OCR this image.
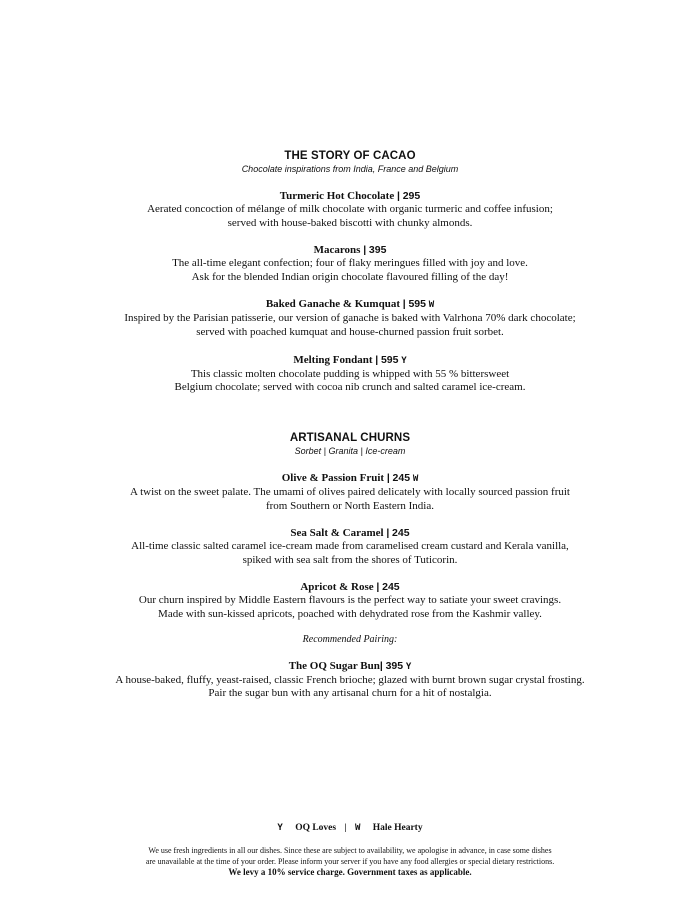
THE STORY OF CACAO
Chocolate inspirations from India, France and Belgium
Turmeric Hot Chocolate | 295
Aerated concoction of mélange of milk chocolate with organic turmeric and coffee infusion;
served with house-baked biscotti with chunky almonds.
Macarons | 395
The all-time elegant confection; four of flaky meringues filled with joy and love.
Ask for the blended Indian origin chocolate flavoured filling of the day!
Baked Ganache & Kumquat | 595 W
Inspired by the Parisian patisserie, our version of ganache is baked with Valrhona 70% dark chocolate;
served with poached kumquat and house-churned passion fruit sorbet.
Melting Fondant | 595 Y
This classic molten chocolate pudding is whipped with 55 % bittersweet
Belgium chocolate; served with cocoa nib crunch and salted caramel ice-cream.
ARTISANAL CHURNS
Sorbet | Granita | Ice-cream
Olive & Passion Fruit | 245 W
A twist on the sweet palate. The umami of olives paired delicately with locally sourced passion fruit
from Southern or North Eastern India.
Sea Salt & Caramel | 245
All-time classic salted caramel ice-cream made from caramelised cream custard and Kerala vanilla,
spiked with sea salt from the shores of Tuticorin.
Apricot & Rose | 245
Our churn inspired by Middle Eastern flavours is the perfect way to satiate your sweet cravings.
Made with sun-kissed apricots, poached with dehydrated rose from the Kashmir valley.
Recommended Pairing:
The OQ Sugar Bun| 395 Y
A house-baked, fluffy, yeast-raised, classic French brioche; glazed with burnt brown sugar crystal frosting.
Pair the sugar bun with any artisanal churn for a hit of nostalgia.
Y OQ Loves | W Hale Hearty
We use fresh ingredients in all our dishes. Since these are subject to availability, we apologise in advance, in case some dishes
are unavailable at the time of your order. Please inform your server if you have any food allergies or special dietary restrictions.
We levy a 10% service charge. Government taxes as applicable.
